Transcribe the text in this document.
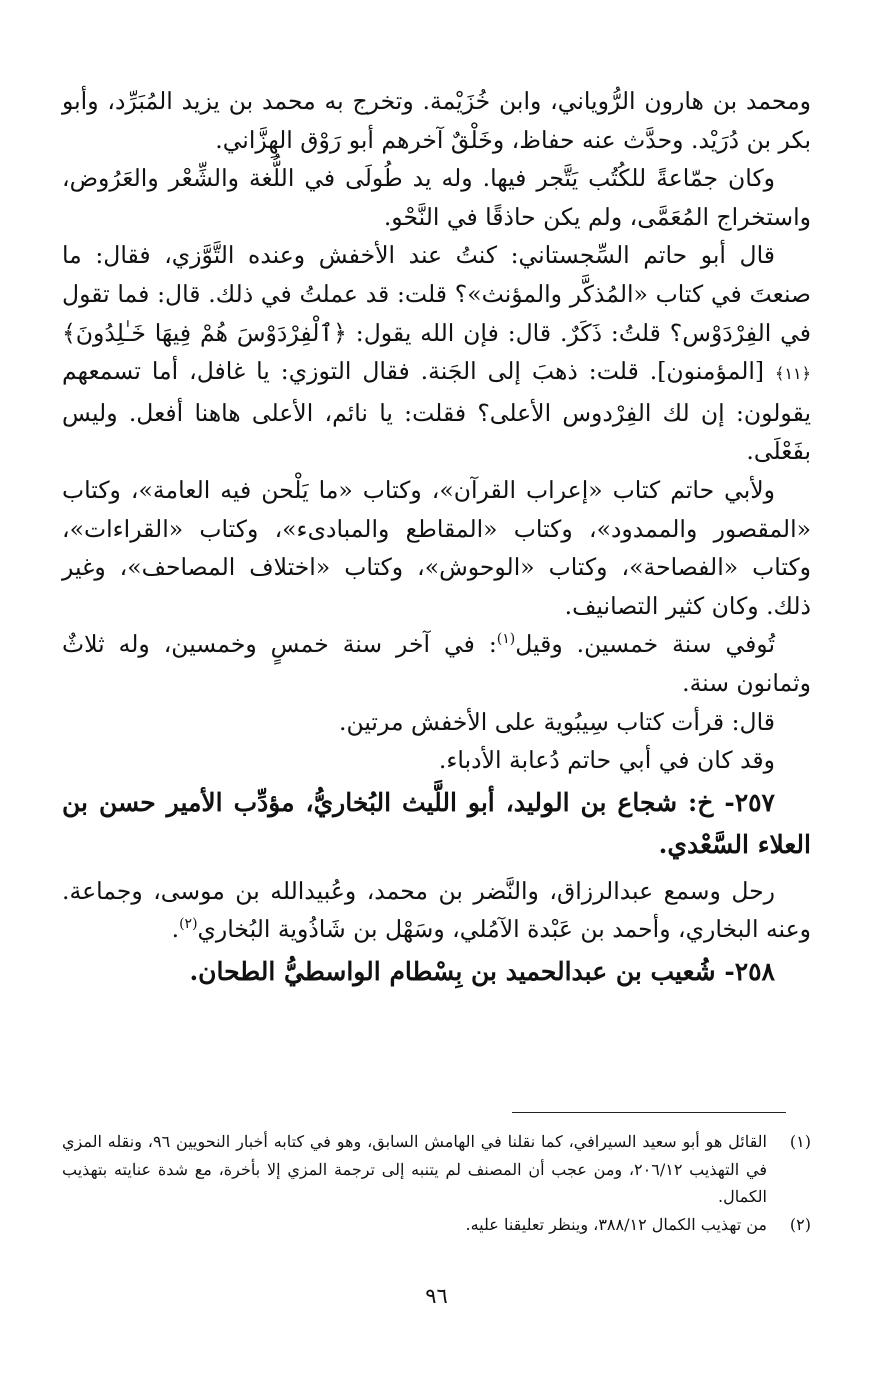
ومحمد بن هارون الرُّوياني، وابن خُزَيْمة. وتخرج به محمد بن يزيد المُبَرِّد، وأبو بكر بن دُرَيْد. وحدَّث عنه حفاظ، وخَلْقٌ آخرهم أبو رَوْق الهِزَّاني.

وكان جمّاعةً للكُتُب يَتَّجر فيها. وله يد طُولَى في اللُّغة والشِّعْر والعَرُوض، واستخراج المُعَمَّى، ولم يكن حاذقًا في النَّحْو.

قال أبو حاتم السِّجستاني: كنتُ عند الأخفش وعنده التَّوَّزي، فقال: ما صنعتَ في كتاب «المُذكَّر والمؤنث»؟ قلت: قد عملتُ في ذلك. قال: فما تقول في الفِرْدَوْس؟ قلتُ: ذَكَرٌ. قال: فإن الله يقول: ﴿ٱلْفِرْدَوْسَ هُمْ فِيهَا خَـٰلِدُونَ﴾ ﴿١١﴾ [المؤمنون]. قلت: ذهبَ إلى الجَنة. فقال التوزي: يا غافل، أما تسمعهم يقولون: إن لك الفِرْدوس الأعلى؟ فقلت: يا نائم، الأعلى هاهنا أفعل. وليس بفَعْلَى.

ولأبي حاتم كتاب «إعراب القرآن»، وكتاب «ما يَلْحن فيه العامة»، وكتاب «المقصور والممدود»، وكتاب «المقاطع والمبادىء»، وكتاب «القراءات»، وكتاب «الفصاحة»، وكتاب «الوحوش»، وكتاب «اختلاف المصاحف»، وغير ذلك. وكان كثير التصانيف.

تُوفي سنة خمسين. وقيل$^{(١)}$: في آخر سنة خمسٍ وخمسين، وله ثلاثٌ وثمانون سنة.

قال: قرأت كتاب سِيبُوية على الأخفش مرتين.

وقد كان في أبي حاتم دُعابة الأدباء.

٢٥٧- خ: شجاع بن الوليد، أبو اللَّيث البُخاريُّ، مؤدِّب الأمير حسن بن العلاء السَّعْدي.

رحل وسمع عبدالرزاق، والنَّضر بن محمد، وعُبيدالله بن موسى، وجماعة. وعنه البخاري، وأحمد بن عَبْدة الآمُلي، وسَهْل بن شَاذُوية البُخاري$^{(٢)}$.

٢٥٨- شُعيب بن عبدالحميد بن بِسْطام الواسطيُّ الطحان.

(١)
القائل هو أبو سعيد السيرافي، كما نقلنا في الهامش السابق، وهو في كتابه أخبار النحويين ٩٦، ونقله المزي في التهذيب ٢٠٦/١٢، ومن عجب أن المصنف لم يتنبه إلى ترجمة المزي إلا بأخرة، مع شدة عنايته بتهذيب الكمال.
(٢)
من تهذيب الكمال ٣٨٨/١٢، وينظر تعليقنا عليه.
٩٦
